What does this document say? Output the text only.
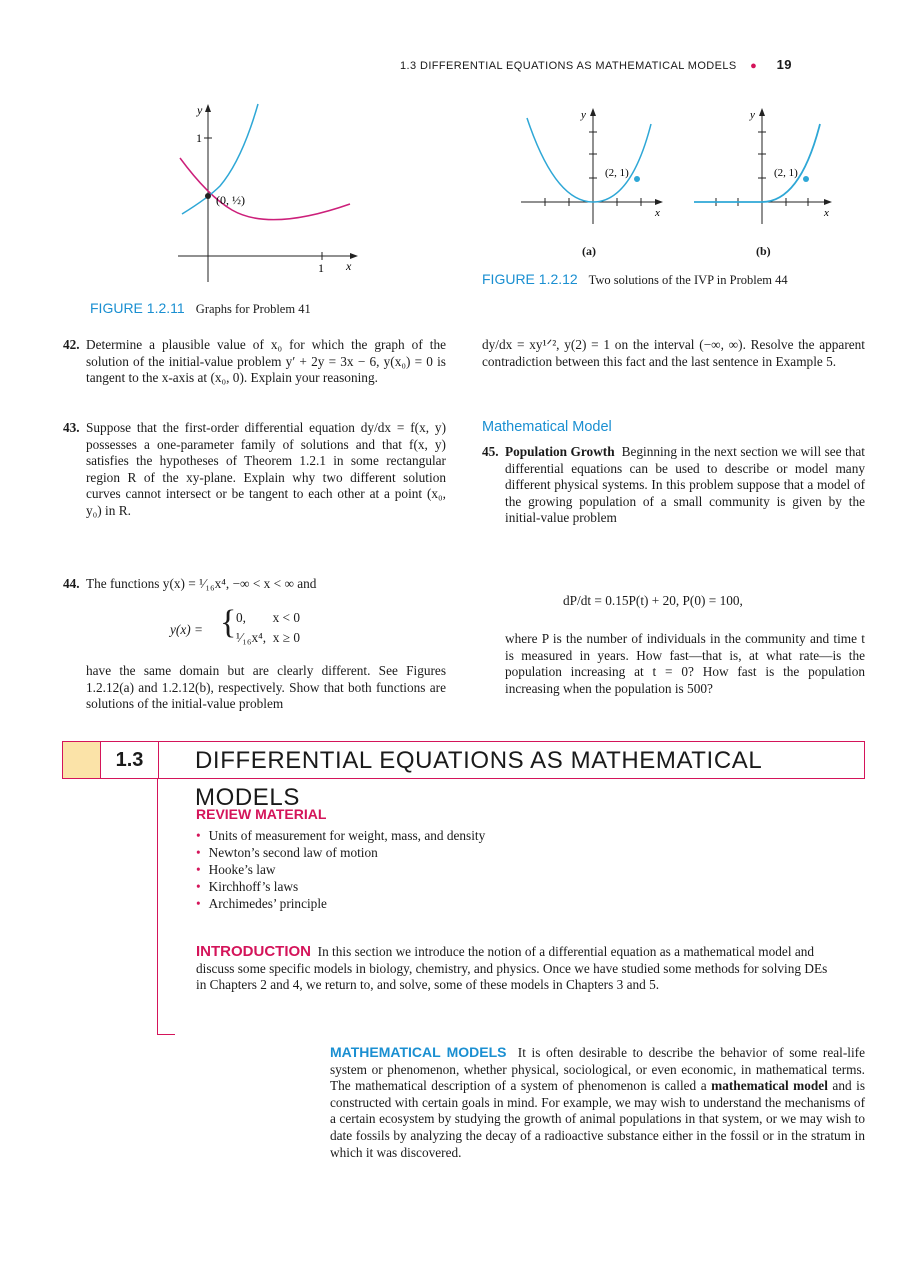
1.3 DIFFERENTIAL EQUATIONS AS MATHEMATICAL MODELS ● 19
y
1
1 x
(0, ½)
FIGURE 1.2.11 Graphs for Problem 41
y
(2, 1)
x
(a)
y
(2, 1)
x
(b)
FIGURE 1.2.12 Two solutions of the IVP in Problem 44
42. Determine a plausible value of x₀ for which the graph of the solution of the initial-value problem y′ + 2y = 3x − 6, y(x₀) = 0 is tangent to the x-axis at (x₀, 0). Explain your reasoning.
43. Suppose that the first-order differential equation dy/dx = f(x, y) possesses a one-parameter family of solutions and that f(x, y) satisfies the hypotheses of Theorem 1.2.1 in some rectangular region R of the xy-plane. Explain why two different solution curves cannot intersect or be tangent to each other at a point (x₀, y₀) in R.
44. The functions y(x) = ¹⁄₁₆x⁴, −∞ < x < ∞ and
y(x) = { 0,        x < 0
¹⁄₁₆x⁴,  x ≥ 0
have the same domain but are clearly different. See Figures 1.2.12(a) and 1.2.12(b), respectively. Show that both functions are solutions of the initial-value problem
dy/dx = xy¹ᐟ², y(2) = 1 on the interval (−∞, ∞). Resolve the apparent contradiction between this fact and the last sentence in Example 5.
Mathematical Model
45. Population Growth Beginning in the next section we will see that differential equations can be used to describe or model many different physical systems. In this problem suppose that a model of the growing population of a small community is given by the initial-value problem
dP/dt = 0.15P(t) + 20, P(0) = 100,
where P is the number of individuals in the community and time t is measured in years. How fast—that is, at what rate—is the population increasing at t = 0? How fast is the population increasing when the population is 500?
1.3	DIFFERENTIAL EQUATIONS AS MATHEMATICAL MODELS
REVIEW MATERIAL
• Units of measurement for weight, mass, and density
• Newton’s second law of motion
• Hooke’s law
• Kirchhoff’s laws
• Archimedes’ principle
INTRODUCTION In this section we introduce the notion of a differential equation as a mathematical model and discuss some specific models in biology, chemistry, and physics. Once we have studied some methods for solving DEs in Chapters 2 and 4, we return to, and solve, some of these models in Chapters 3 and 5.
MATHEMATICAL MODELS It is often desirable to describe the behavior of some real-life system or phenomenon, whether physical, sociological, or even economic, in mathematical terms. The mathematical description of a system of phenomenon is called a mathematical model and is constructed with certain goals in mind. For example, we may wish to understand the mechanisms of a certain ecosystem by studying the growth of animal populations in that system, or we may wish to date fossils by analyzing the decay of a radioactive substance either in the fossil or in the stratum in which it was discovered.
